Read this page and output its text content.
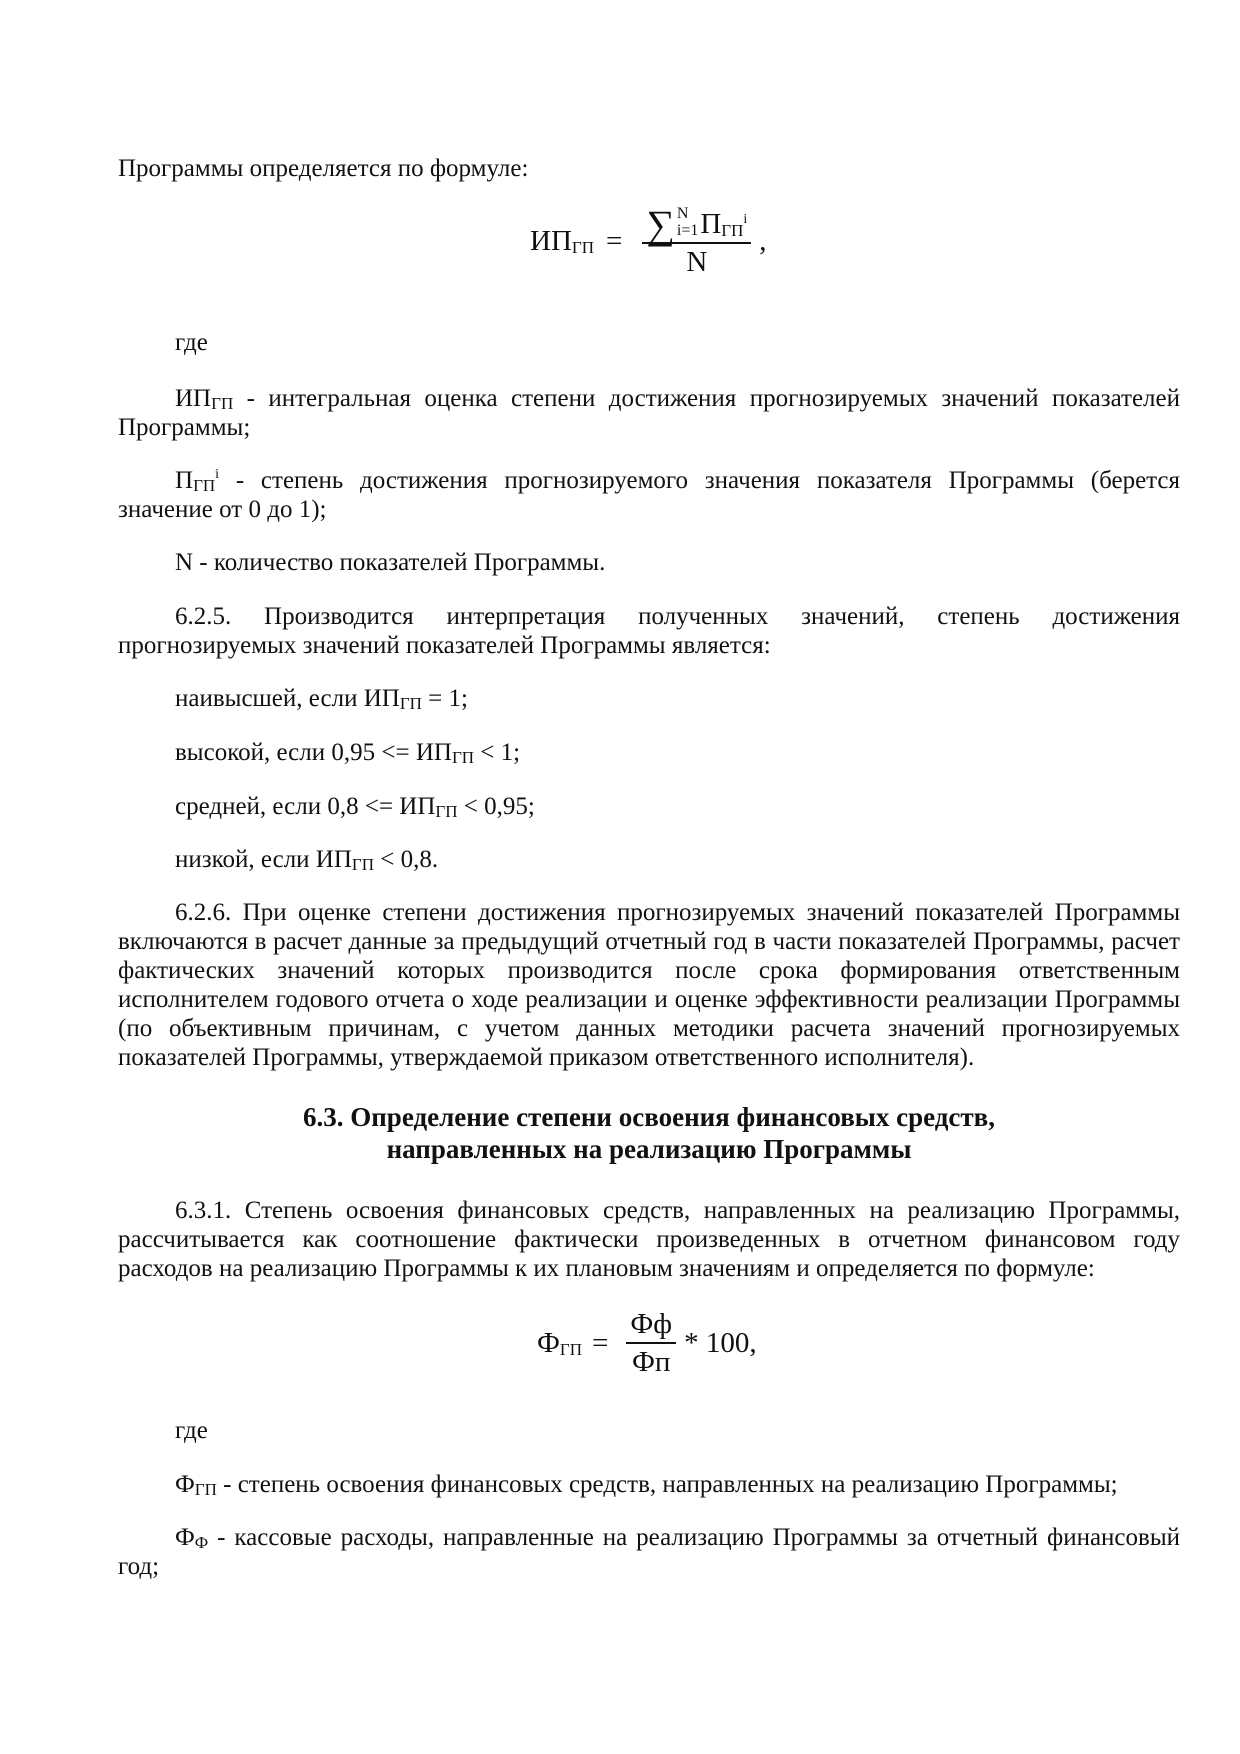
Программы определяется по формуле:
$ИП_{ГП}$ = ∑ N
i=1 $П_{ГП}^i$
N ,
где
$ИП_{ГП}$ - интегральная оценка степени достижения прогнозируемых значений показателей Программы;
$П_{ГП}^i$ - степень достижения прогнозируемого значения показателя Программы (берется значение от 0 до 1);
N - количество показателей Программы.
6.2.5. Производится интерпретация полученных значений, степень достижения прогнозируемых значений показателей Программы является:
наивысшей, если $ИП_{ГП} = 1$;
высокой, если $0,95 <= ИП_{ГП} < 1$;
средней, если $0,8 <= ИП_{ГП} < 0,95$;
низкой, если $ИП_{ГП} < 0,8$.
6.2.6. При оценке степени достижения прогнозируемых значений показателей Программы включаются в расчет данные за предыдущий отчетный год в части показателей Программы, расчет фактических значений которых производится после срока формирования ответственным исполнителем годового отчета о ходе реализации и оценке эффективности реализации Программы (по объективным причинам, с учетом данных методики расчета значений прогнозируемых показателей Программы, утверждаемой приказом ответственного исполнителя).
6.3. Определение степени освоения финансовых средств,
направленных на реализацию Программы
6.3.1. Степень освоения финансовых средств, направленных на реализацию Программы, рассчитывается как соотношение фактически произведенных в отчетном финансовом году расходов на реализацию Программы к их плановым значениям и определяется по формуле:
$Ф_{ГП} = \frac{Фф}{Фп} * 100$,
где
$Ф_{ГП}$ - степень освоения финансовых средств, направленных на реализацию Программы;
$Ф_Ф$ - кассовые расходы, направленные на реализацию Программы за отчетный финансовый год;
